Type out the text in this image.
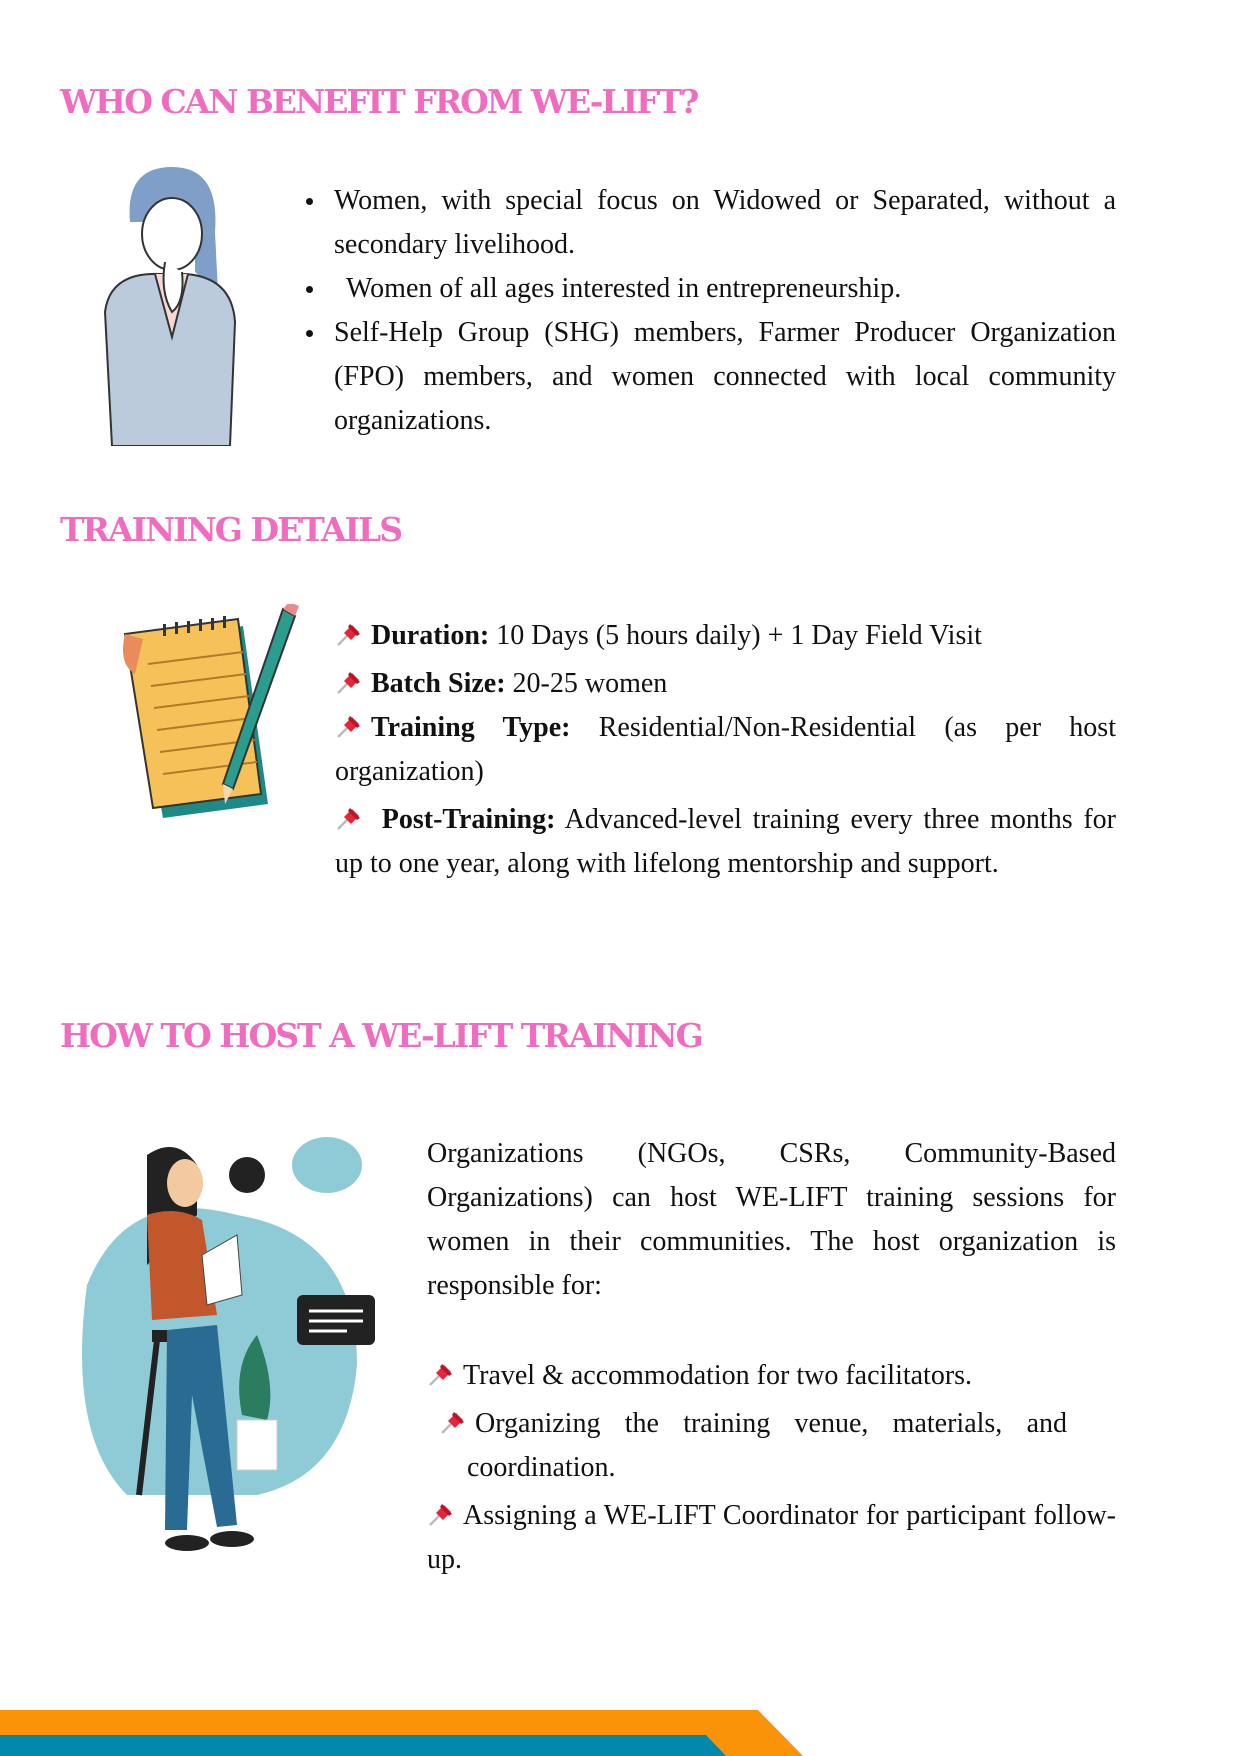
WHO CAN BENEFIT FROM WE-LIFT?
Women, with special focus on Widowed or Separated, without a secondary livelihood.
Women of all ages interested in entrepreneurship.
Self-Help Group (SHG) members, Farmer Producer Organization (FPO) members, and women connected with local community organizations.
TRAINING DETAILS
Duration: 10 Days (5 hours daily) + 1 Day Field Visit
Batch Size: 20-25 women
Training Type: Residential/Non-Residential (as per host organization)
Post-Training: Advanced-level training every three months for up to one year, along with lifelong mentorship and support.
HOW TO HOST A WE-LIFT TRAINING
Organizations (NGOs, CSRs, Community-Based Organizations) can host WE-LIFT training sessions for women in their communities. The host organization is responsible for:
Travel & accommodation for two facilitators.
Organizing the training venue, materials, and coordination.
Assigning a WE-LIFT Coordinator for participant follow- up.
